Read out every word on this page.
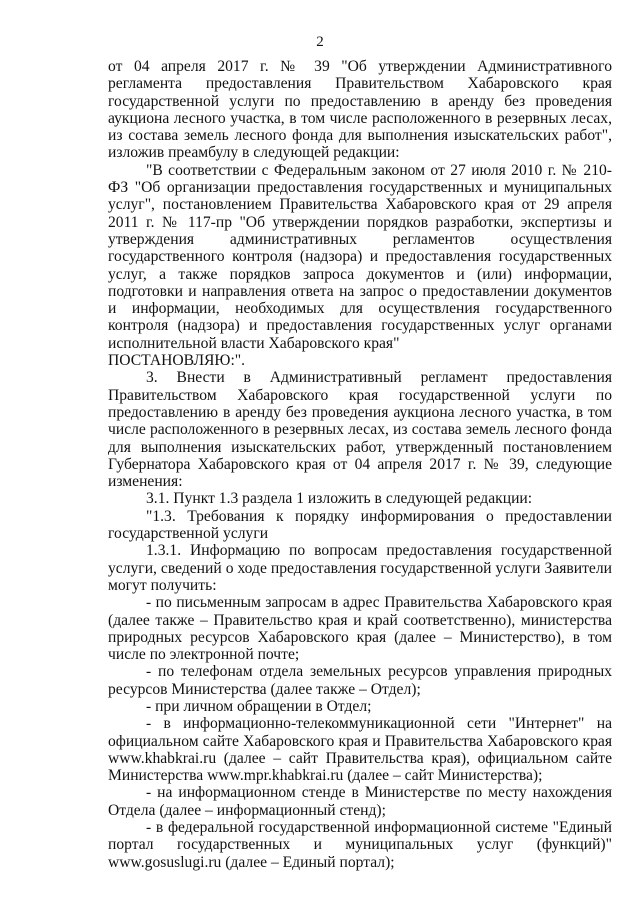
2

от 04 апреля 2017 г. № 39 "Об утверждении Административного регламента предоставления Правительством Хабаровского края государственной услуги по предоставлению в аренду без проведения аукциона лесного участка, в том числе расположенного в резервных лесах, из состава земель лесного фонда для выполнения изыскательских работ", изложив преамбулу в следующей редакции:

"В соответствии с Федеральным законом от 27 июля 2010 г. № 210-ФЗ "Об организации предоставления государственных и муниципальных услуг", постановлением Правительства Хабаровского края от 29 апреля 2011 г. № 117-пр "Об утверждении порядков разработки, экспертизы и утверждения административных регламентов осуществления государственного контроля (надзора) и предоставления государственных услуг, а также порядков запроса документов и (или) информации, подготовки и направления ответа на запрос о предоставлении документов и информации, необходимых для осуществления государственного контроля (надзора) и предоставления государственных услуг органами исполнительной власти Хабаровского края"

ПОСТАНОВЛЯЮ:".

3. Внести в Административный регламент предоставления Правительством Хабаровского края государственной услуги по предоставлению в аренду без проведения аукциона лесного участка, в том числе расположенного в резервных лесах, из состава земель лесного фонда для выполнения изыскательских работ, утвержденный постановлением Губернатора Хабаровского края от 04 апреля 2017 г. № 39, следующие изменения:

3.1. Пункт 1.3 раздела 1 изложить в следующей редакции:

"1.3. Требования к порядку информирования о предоставлении государственной услуги

1.3.1. Информацию по вопросам предоставления государственной услуги, сведений о ходе предоставления государственной услуги Заявители могут получить:

- по письменным запросам в адрес Правительства Хабаровского края (далее также – Правительство края и край соответственно), министерства природных ресурсов Хабаровского края (далее – Министерство), в том числе по электронной почте;

- по телефонам отдела земельных ресурсов управления природных ресурсов Министерства (далее также – Отдел);

- при личном обращении в Отдел;

- в информационно-телекоммуникационной сети "Интернет" на официальном сайте Хабаровского края и Правительства Хабаровского края www.khabkrai.ru (далее – сайт Правительства края), официальном сайте Министерства www.mpr.khabkrai.ru (далее – сайт Министерства);

- на информационном стенде в Министерстве по месту нахождения Отдела (далее – информационный стенд);

- в федеральной государственной информационной системе "Единый портал государственных и муниципальных услуг (функций)" www.gosuslugi.ru (далее – Единый портал);
